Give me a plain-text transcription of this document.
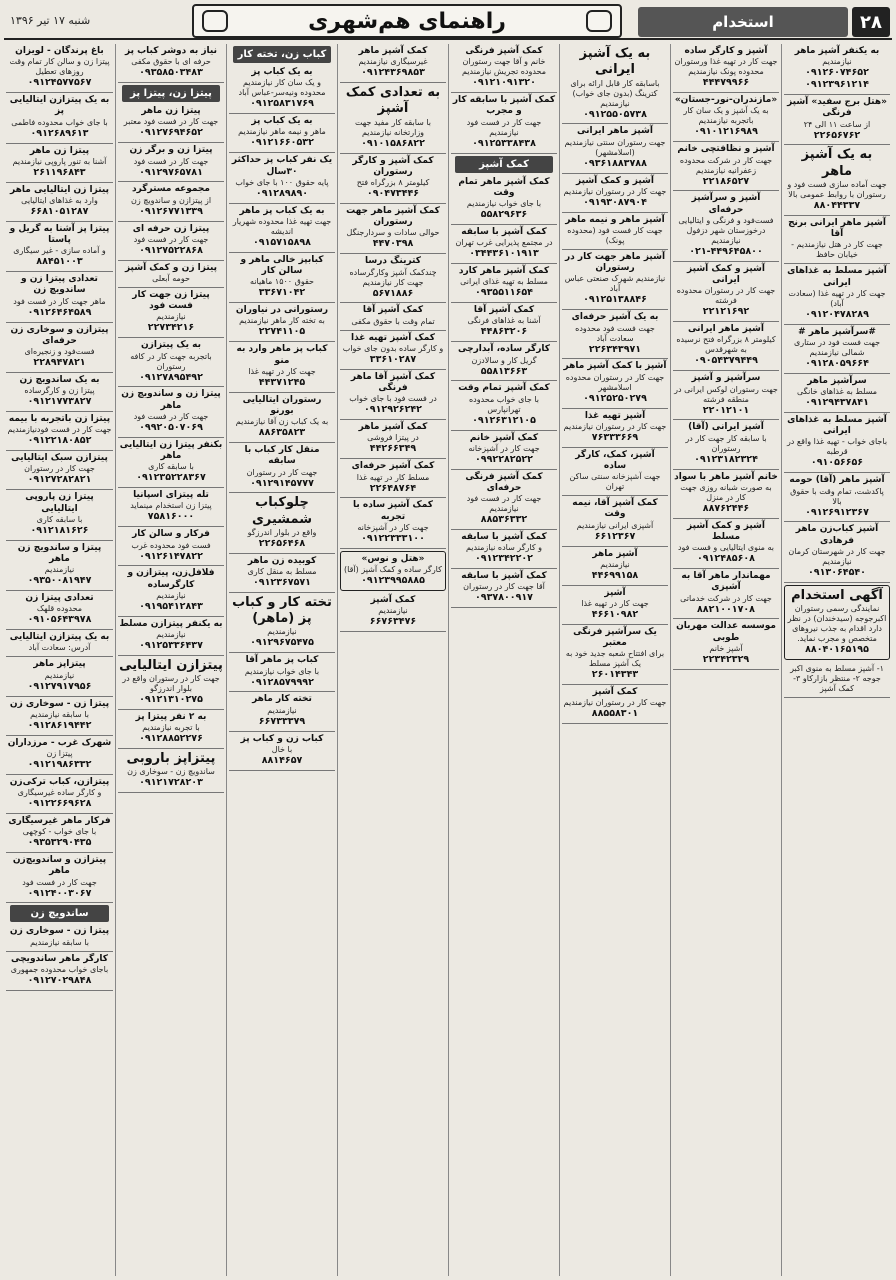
۲۸
استخدام
راهنمای هم‌شهری
شنبه ۱۷ تیر ۱۳۹۶
به یکنفر آشپز ماهر
نیازمندیم
۰۹۱۲۶۰۷۴۶۵۲ ۰۹۱۲۳۹۶۱۲۱۴
«هتل برج سفید» آشپز فرنگی
از ساعت ۱۱ الی ۲۴
۲۲۶۵۶۷۶۲
به یک آشپز ماهر
جهت آماده سازی فست فود و رستوران با روابط عمومی بالا
۸۸۰۴۴۳۳۷
آشپز ماهر ایرانی برنج آقا
جهت کار در هتل نیازمندیم - خیابان حافظ
آشپز مسلط به غذاهای ایرانی
جهت کار در تهیه غذا (سعادت آباد)
۰۹۱۲۰۴۷۸۲۸۹
#سرآشپز ماهر #
جهت فست فود در ستاری شمالی نیازمندیم
۰۹۱۲۸۰۵۹۶۶۴
سرآشپز ماهر
مسلط به غذاهای خانگی
۰۹۱۲۹۴۳۷۸۴۱
آشپز مسلط به غذاهای ایرانی
باجای خواب - تهیه غذا واقع در قرطبه
۰۹۱۰۵۶۶۵۶
آشپز ماهر (آقا) حومه
پاکدشت، تمام وقت با حقوق بالا
۰۹۱۲۶۹۱۲۳۶۷
آشپز کباب‌زن ماهر فرهادی
جهت کار در شهرستان‌ کرمان نیازمندیم
۰۹۱۳۰۶۴۵۴۰
آگهی استخدام
نمایندگی رسمی رستوران اکبرجوجه (سیدخندان) در نظر دارد اقدام به جذب نیروهای متخصص و مجرب نماید.
۸۸۰۴۰۱۶۵۱۹۵
۱- آشپز مسلط به منوی اکبر جوجه ۲- منتظر بازارکاو ۳- کمک آشپز
آشپز و کارگر ساده
جهت کار در تهیه غذا ورستوران محدوده پونک نیازمندیم
۴۴۴۷۹۹۶۶
«مازندران-نور-جستان»
به یک آشپز و یک سان کار باتجربه نیازمندیم
۰۹۱۰۱۲۱۶۹۸۹
آشپز و نظافتچی خانم
جهت کار در شرکت محدوده زعفرانیه نیازمندیم
۲۲۱۸۶۵۲۷
آشپز و سرآشپز حرفه‌ای
فست‌فود و فرنگی و ایتالیایی درخوزستان شهر دزفول نیازمندیم
۰۲۱-۴۴۹۶۴۵۸۰۰
آشپز و کمک آشپز ایرانی
جهت کار در رستوران محدوده فرشته
۲۲۱۲۱۶۹۲
آشپز ماهر ایرانی
کیلومتر ۸ بزرگراه فتح نرسیده به شهرقدس
۰۹۰۵۴۳۷۹۴۴۹
سرآشپز و آشپز
جهت رستوران لوکس ایرانی در منطقه فرشته
۲۲۰۱۲۱۰۱
آشپز ایرانی (آقا)
با سابقه کار جهت کار در رستوران
۰۹۱۲۳۱۸۲۳۲۴
خانم آشپز ماهر با سواد
به صورت شبانه روزی جهت کار در منزل
۸۸۷۶۲۴۴۶
آشپز و کمک آشپز مسلط
به منوی ایتالیایی و فست فود
۰۹۱۲۴۸۵۶۰۸
مهماندار ماهر آقا به آشپزی
جهت کار در شرکت خدماتی
۸۸۲۱۰۰۱۷۰۸
موسسه عدالت مهربان طوبی
آشپز خانم
۲۲۳۴۲۳۲۹
به یک آشپز ایرانی
باسابقه کار قابل ارائه برای کترینگ (بدون جای خواب) نیازمندیم
۰۹۱۲۵۵۰۵۷۳۸
آشپز ماهر ایرانی
جهت رستوران سنتی نیازمندیم (اسلامشهر)
۰۹۳۶۱۸۸۳۷۸۸
آشپز و کمک آشپز
جهت کار در رستوران نیازمندیم
۰۹۱۹۳۰۸۷۹۰۴
آشپز ماهر و نیمه ماهر
جهت کار فست فود (محدوده پونک)
آشپز ماهر جهت کار در رستوران
نیازمندیم شهرک صنعتی عباس آباد
۰۹۱۲۵۱۳۸۸۴۶
به یک آشپز حرفه‌ای
جهت فست فود محدوده سعادت آباد
۲۲۶۳۴۳۹۷۱
آشپز با کمک آشپز ماهر
جهت کار در رستوران محدوده اسلامشهر
۰۹۱۲۵۲۵۰۲۷۹
آشپز تهیه غذا
جهت کار در رستوران نیازمندیم
۷۶۳۳۳۶۶۹
آشپز، کمک، کارگر ساده
جهت آشپزخانه سنتی ساکن تهران
کمک آشپز آقا، نیمه وقت
آشپزی ایرانی نیازمندیم
۶۶۱۲۳۶۷
آشپز ماهر
نیازمندیم
۴۴۶۹۹۱۵۸
آشپز
جهت کار در تهیه غذا
۴۶۶۱۰۹۸۲
یک سرآشپز فرنگی معتبر
برای افتتاح شعبه جدید خود به یک آشپز مسلط
۲۶۰۱۴۳۴۳
کمک آشپز
جهت کار در رستوران نیازمندیم
۸۸۵۵۸۳۰۱
کمک آشپز فرنگی
خانم و آقا جهت رستوران محدوده تجریش نیازمندیم
۰۹۱۲۱۰۹۱۳۲۰
کمک آشپز با سابقه کار و مجرب
جهت کار در فست فود نیازمندیم
۰۹۱۲۵۳۳۸۴۳۸
کمک آشپز
کمک آشپز ماهر تمام وقت
با جای خواب نیازمندیم
۵۵۸۲۹۶۳۶
کمک آشپز با سابقه
در مجتمع پذیرایی غرب تهران
۰۳۴۴۳۶۱۰۱۹۱۳
کمک آشپز ماهر کارد
مسلط به تهیه غذای ایرانی
۰۹۳۵۵۱۱۶۵۴
کمک آشپز آقا
آشنا به غذاهای فرنگی
۴۴۸۶۳۲۰۶
کارگر ساده، آبدارچی
گریل کار و سالادزن
۵۵۸۱۳۶۶۳
کمک آشپز تمام وقت
با جای خواب محدوده تهرانپارس
۰۹۱۲۶۳۱۲۱۰۵
کمک آشپز خانم
جهت کار در آشپزخانه
۰۹۹۲۲۸۲۵۲۲
کمک آشپز فرنگی حرفه‌ای
جهت کار در فست فود نیازمندیم
۸۸۵۳۶۳۳۲
کمک آشپز با سابقه
و کارگر ساده نیازمندیم
۰۹۱۲۳۴۲۲۰۲
کمک آشپز با سابقه
آقا جهت کار در رستوران
۰۹۳۷۸۰۰۹۱۷
کمک آشپز ماهر
غیرسیگاری نیازمندیم
۰۹۱۲۴۳۶۹۸۵۳
به تعدادی کمک آشپز
با سابقه کار مفید جهت وزارتخانه نیازمندیم
۰۹۱۰۱۵۸۶۸۲۲
کمک آشپز و کارگر رستوران
کیلومتر ۸ بزرگراه فتح
۰۹۰۴۷۳۴۴۶
کمک آشپز ماهر جهت رستوران
حوالی سادات و سردارجنگل
۴۴۷۰۳۹۸
کترینگ درسا
چندکمک آشپز وکارگرساده جهت کار نیازمندیم
۵۶۷۱۸۸۶
کمک آشپز آقا
تمام وقت با حقوق مکفی
کمک آشپز تهیه غذا
و کارگر ساده بدون جای خواب
۳۳۶۱۰۲۸۷
کمک آشپز آقا ماهر فرنگی
در فست فود با جای خواب
۰۹۱۲۹۲۶۲۴۲
کمک آشپز ماهر
در پیتزا فروشی
۴۴۲۶۶۳۴۹
کمک آشپز حرفه‌ای
مسلط کار در تهیه غذا
۲۲۶۴۸۷۶۴
کمک آشپز ساده با تجربه
جهت کار در آشپزخانه
۰۹۱۲۲۳۳۳۱۰۰
«هتل و نوس»
کارگر ساده و کمک آشپز (آقا)
۰۹۱۲۳۹۹۵۸۸۵
کمک آشپز
نیازمندیم
۶۶۷۶۳۴۷۶
کباب زن، تخته کار
به یک کباب پز
و یک سان کار نیازمندیم محدوده ونیه‌سر-عباس آباد
۰۹۱۲۵۸۳۱۷۶۹
به یک کباب پز
ماهر و نیمه ماهر نیازمندیم
۰۹۱۲۱۶۶۰۵۳۲
یک نفر کباب پز حداکثر ۳۰سال
پایه حقوق ۱۰۰ با جای خواب
۰۹۱۲۸۹۸۹۰
به یک کباب پز ماهر
جهت تهیه غذا محدوده شهریار اندیشه
۰۹۱۵۷۱۵۸۹۸
کبابپز خالی ماهر و سالن کار
حقوق ۱۵۰۰ ماهیانه
۳۳۶۷۱۰۴۲
رستورانی در نیاوران
به تخته کار ماهر نیازمندیم
۲۲۷۴۱۱۰۵
کباب پز ماهر وارد به منو
جهت کار در تهیه غذا
۴۴۳۷۱۲۴۵
رستوران ایتالیایی بورنو
به یک کباب زن آقا نیازمندیم
۸۸۶۳۵۸۲۳
منقل کار کباب با سابقه
جهت کار در رستوران
۰۹۱۲۹۱۴۵۷۷۷
چلوکباب شمشیری
واقع در بلوار اندرزگو
۲۲۶۵۶۴۶۸
کوبیده زن ماهر
مسلط به منقل کاری
۰۹۱۲۳۶۷۵۷۱
تخته کار و کباب پز (ماهر)
نیازمندیم
۰۹۱۲۹۶۷۵۴۷۵
کباب پز ماهر آقا
با جای خواب نیازمندیم
۰۹۱۲۸۵۷۹۹۹۲
تخته کار ماهر
نیازمندیم
۶۶۷۳۳۳۷۹
کباب زن و کباب پز
با خال
۸۸۱۴۶۵۷
نیاز به دوشر کباب پز
حرفه ای با حقوق مکفی
۰۹۳۵۸۵۰۳۴۸۳
پیتزا زن، پیتزا پز
پیتزا زن ماهر
جهت کار در فست فود معتبر
۰۹۱۲۷۶۹۴۶۵۲
پیتزا زن و برگر زن
جهت کار در فست فود
۰۹۱۲۹۷۶۵۷۸۱
مجموعه مسترگرد
از پیتزازن و ساندویچ زن
۰۹۱۲۶۷۷۱۳۳۹
پیتزا زن حرفه ای
جهت کار در فست فود
۰۹۱۲۷۵۲۲۸۶۸
پیتزا زن و کمک آشپز
حومه آبعلی
پیتزا زن جهت کار فست فود
نیازمندیم
۲۲۷۳۴۲۱۶
به یک پیتزازن
باتجربه جهت کار در کافه رستوران
۰۹۱۲۷۸۹۵۴۹۲
پیتزا زن و ساندویچ زن ماهر
جهت کار در فست فود
۰۹۹۲۰۵۰۷۰۶۹
بکنفر پیتزا زن ایتالیایی ماهر
با سابقه کاری
۰۹۱۲۳۵۲۲۸۳۶۷
تله پیتزای اسپانیا
پیتزا زن استخدام مینماید
۷۵۸۱۶۰۰۰
فرکار و سالن کار
فست فود محدوده غرب
۰۹۱۲۶۱۴۷۸۲۲
فلافل‌زن، پیتزازن و کارگرساده
نیازمندیم
۰۹۱۹۵۴۱۲۸۴۳
به یکنفر پیتزازن مسلط
نیازمندیم
۰۹۱۲۵۳۳۶۴۳۷
پیتزازن ایتالیایی
جهت کار در رستوران واقع در بلوار اندرزگو
۰۹۱۲۱۳۱۰۲۷۵
به ۲ نفر پیتزا پز
با تجربه نیازمندیم
۰۹۱۲۸۸۵۲۲۷۶
پیتزاپز باروبی
ساندویچ زن - سوخاری زن
۰۹۱۲۱۷۲۸۲۰۳
باغ پرندگان - لویزان
پیتزا زن و سالن کار تمام وقت روزهای تعطیل
۰۹۱۲۴۵۷۷۵۶۷
به یک پیتزازن ایتالیایی پز
با جای خواب محدوده فاطمی
۰۹۱۲۶۸۹۶۱۳
پیتزا زن ماهر
آشنا به تنور پاروپی نیازمندیم
۲۶۱۱۹۶۸۴۳
پیتزا زن ایتالیایی ماهر
وارد به غذاهای ایتالیایی
۶۶۸۱۰۵۱۲۸۷
پیتزا پز آشنا به گریل و پاستا
و آماده سازی - غیر سیگاری
۸۸۴۵۱۰۰۳
تعدادی پیتزا زن و ساندویچ زن
ماهر جهت کار در فست فود
۰۹۱۲۶۴۶۴۵۸۹
پیتزازن و سوخاری زن حرفه‌ای
فست‌فود و زنجیره‌ای
۲۲۸۹۴۷۸۲۱
به یک ساندویچ زن
پیتزا زن و کارگرساده
۰۹۱۲۱۷۷۳۸۲۷
پیتزا زن باتجربه با بیمه
جهت کار در فست فودنیازمندیم
۰۹۱۲۲۱۸۰۸۵۲
پیتزازن سبک ایتالیایی
جهت کار در رستوران
۰۹۱۲۷۲۸۲۸۲۱
پیتزا زن پاروپی ایتالیایی
با سابقه کاری
۰۹۱۲۱۸۱۶۲۶
پیتزا و ساندویچ زن ماهر
نیازمندیم
۰۹۳۵۰۰۸۱۹۴۷
تعدادی پیتزا زن
محدوده قلهک
۰۹۱۰۵۶۴۳۹۷۸
به یک پیتزازن ایتالیایی
آدرس: سعادت آباد
پیتزاپز ماهر
نیازمندیم
۰۹۱۲۷۹۱۷۹۵۶
پیتزا زن - سوخاری زن
با سابقه نیازمندیم
۰۹۱۲۸۶۱۹۴۴۲
شهرک غرب - مرزداران
پیتزا زن
۰۹۱۲۱۹۸۶۳۳۲
پیتزازن، کباب ترکی‌زن
و کارگر ساده غیرسیگاری
۰۹۱۲۲۶۶۹۶۲۸
فرکار ماهر غیرسیگاری
با جای خواب - کوچهی
۰۹۳۵۳۲۹۰۴۳۵
پیتزازن و ساندویچ‌زن ماهر
جهت کار در فست فود
۰۹۱۲۴۰۰۳۰۶۷
ساندویچ زن
پیتزا زن - سوخاری زن
با سابقه نیازمندیم
کارگر ماهر ساندویچی
باجای خواب محدوده جمهوری
۰۹۱۲۷۰۲۹۸۴۸
